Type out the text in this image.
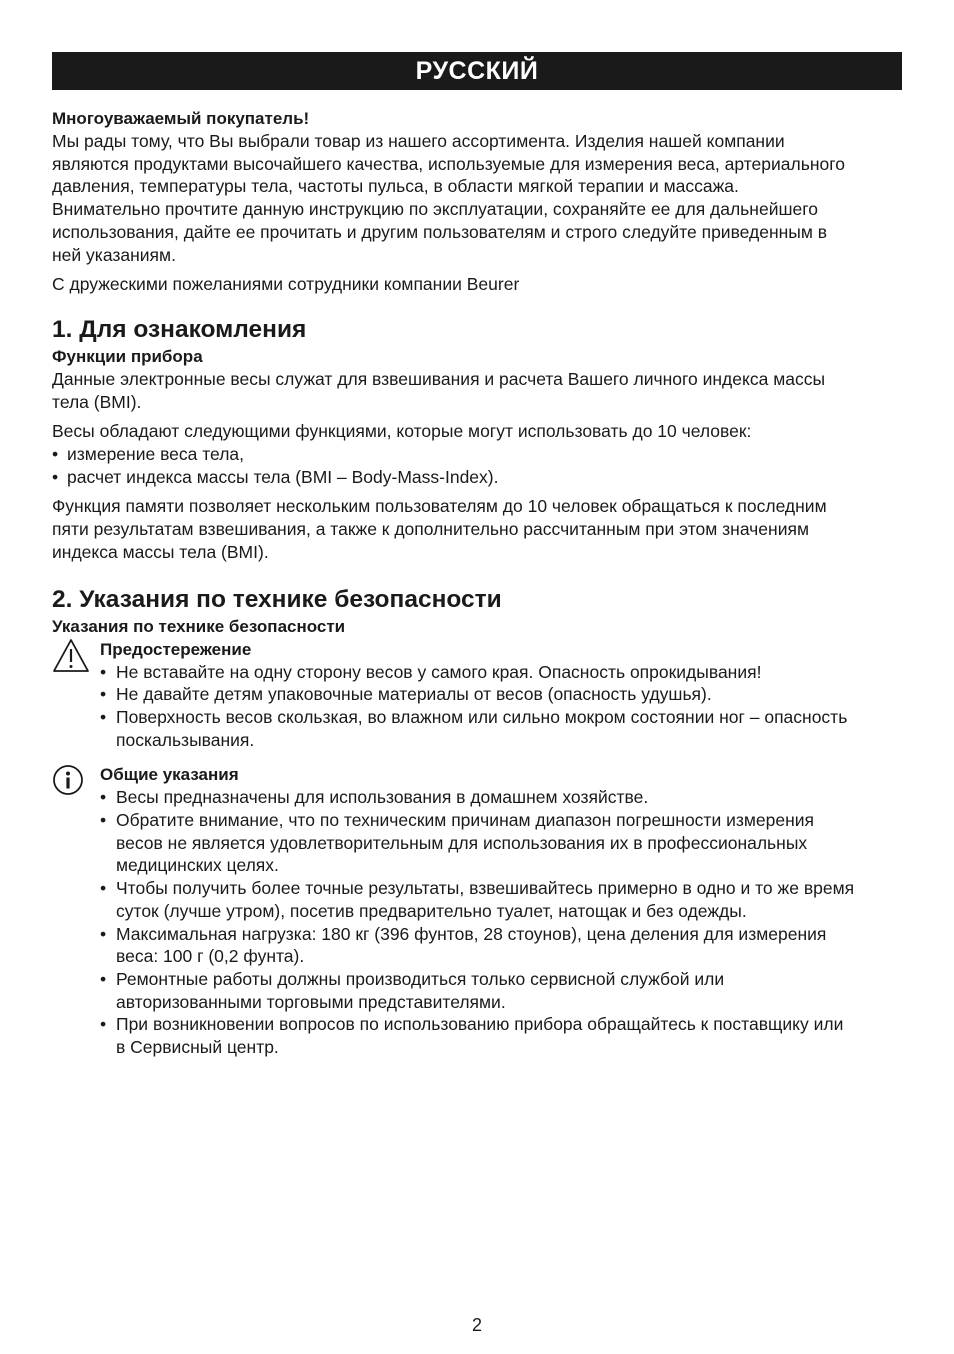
РУССКИЙ

Многоуважаемый покупатель!

Мы рады тому, что Вы выбрали товар из нашего ассортимента. Изделия нашей компании
являются продуктами высочайшего качества, используемые для измерения веса, артериального
давления, температуры тела, частоты пульса, в области мягкой терапии и массажа.
Внимательно прочтите данную инструкцию по эксплуатации, сохраняйте ее для дальнейшего
использования, дайте ее прочитать и другим пользователям и строго следуйте приведенным в
ней указаниям.

С дружескими пожеланиями сотрудники компании Beurer

1. Для ознакомления

Функции прибора

Данные электронные весы служат для взвешивания и расчета Вашего личного индекса массы
тела (BMI).

Весы обладают следующими функциями, которые могут использовать до 10 человек:

• измерение веса тела,
• расчет индекса массы тела (BMI – Body-Mass-Index).

Функция памяти позволяет нескольким пользователям до 10 человек обращаться к последним
пяти результатам взвешивания, а также к дополнительно рассчитанным при этом значениям
индекса массы тела (BMI).

2. Указания по технике безопасности

Указания по технике безопасности

Предостережение

• Не вставайте на одну сторону весов у самого края. Опасность опрокидывания!
• Не давайте детям упаковочные материалы от весов (опасность удушья).
• Поверхность весов скользкая, во влажном или сильно мокром состоянии ног – опасность
поскальзывания.

Общие указания

• Весы предназначены для использования в домашнем хозяйстве.
• Обратите внимание, что по техническим причинам диапазон погрешности измерения
весов не является удовлетворительным для использования их в профессиональных
медицинских целях.
• Чтобы получить более точные результаты, взвешивайтесь примерно в одно и то же время
суток (лучше утром), посетив предварительно туалет, натощак и без одежды.
• Максимальная нагрузка: 180 кг (396 фунтов, 28 стоунов), цена деления для измерения
веса: 100 г (0,2 фунта).
• Ремонтные работы должны производиться только сервисной службой или
авторизованными торговыми представителями.
• При возникновении вопросов по использованию прибора обращайтесь к поставщику или
в Сервисный центр.
2
